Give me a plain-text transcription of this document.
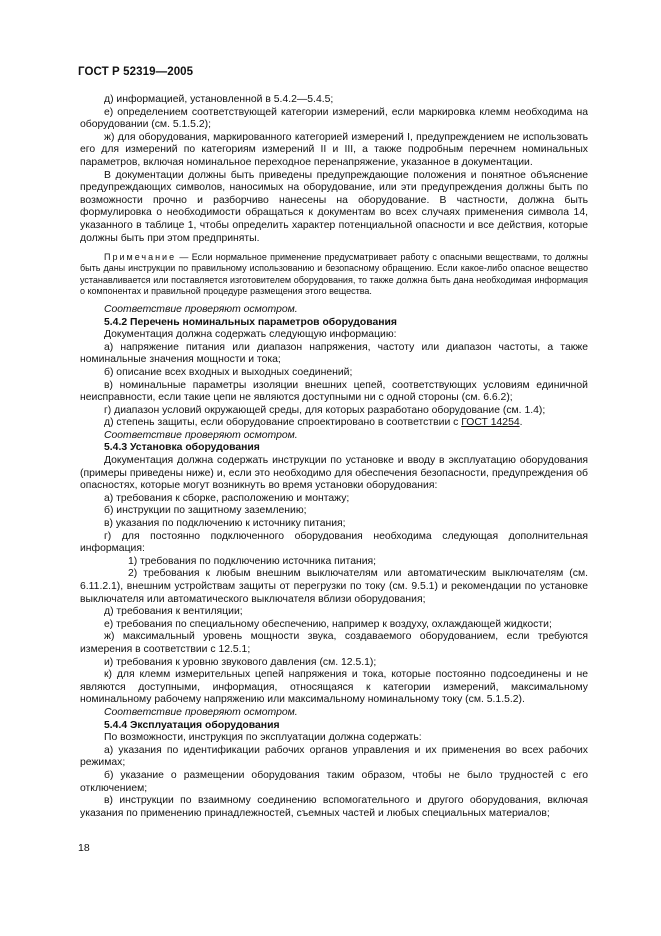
ГОСТ Р 52319—2005

д) информацией, установленной в 5.4.2—5.4.5;

е) определением соответствующей категории измерений, если маркировка клемм необходима на оборудовании (см. 5.1.5.2);

ж) для оборудования, маркированного категорией измерений I, предупреждением не использовать его для измерений по категориям измерений II и III, а также подробным перечнем номинальных параметров, включая номинальное переходное перенапряжение, указанное в документации.

В документации должны быть приведены предупреждающие положения и понятное объяснение предупреждающих символов, наносимых на оборудование, или эти предупреждения должны быть по возможности прочно и разборчиво нанесены на оборудование. В частности, должна быть формулировка о необходимости обращаться к документам во всех случаях применения символа 14, указанного в таблице 1, чтобы определить характер потенциальной опасности и все действия, которые должны быть при этом предприняты.

Примечание — Если нормальное применение предусматривает работу с опасными веществами, то должны быть даны инструкции по правильному использованию и безопасному обращению. Если какое-либо опасное вещество устанавливается или поставляется изготовителем оборудования, то также должна быть дана необходимая информация о компонентах и правильной процедуре размещения этого вещества.

Соответствие проверяют осмотром.

5.4.2 Перечень номинальных параметров оборудования

Документация должна содержать следующую информацию:

а) напряжение питания или диапазон напряжения, частоту или диапазон частоты, а также номинальные значения мощности и тока;

б) описание всех входных и выходных соединений;

в) номинальные параметры изоляции внешних цепей, соответствующих условиям единичной неисправности, если такие цепи не являются доступными ни с одной стороны (см. 6.6.2);

г) диапазон условий окружающей среды, для которых разработано оборудование (см. 1.4);

д) степень защиты, если оборудование спроектировано в соответствии с ГОСТ 14254.

Соответствие проверяют осмотром.

5.4.3 Установка оборудования

Документация должна содержать инструкции по установке и вводу в эксплуатацию оборудования (примеры приведены ниже) и, если это необходимо для обеспечения безопасности, предупреждения об опасностях, которые могут возникнуть во время установки оборудования:

а) требования к сборке, расположению и монтажу;

б) инструкции по защитному заземлению;

в) указания по подключению к источнику питания;

г) для постоянно подключенного оборудования необходима следующая дополнительная информация:

1) требования по подключению источника питания;

2) требования к любым внешним выключателям или автоматическим выключателям (см. 6.11.2.1), внешним устройствам защиты от перегрузки по току (см. 9.5.1) и рекомендации по установке выключателя или автоматического выключателя вблизи оборудования;

д) требования к вентиляции;

е) требования по специальному обеспечению, например к воздуху, охлаждающей жидкости;

ж) максимальный уровень мощности звука, создаваемого оборудованием, если требуются измерения в соответствии с 12.5.1;

и) требования к уровню звукового давления (см. 12.5.1);

к) для клемм измерительных цепей напряжения и тока, которые постоянно подсоединены и не являются доступными, информация, относящаяся к категории измерений, максимальному номинальному рабочему напряжению или максимальному номинальному току (см. 5.1.5.2).

Соответствие проверяют осмотром.

5.4.4 Эксплуатация оборудования

По возможности, инструкция по эксплуатации должна содержать:

а) указания по идентификации рабочих органов управления и их применения во всех рабочих режимах;

б) указание о размещении оборудования таким образом, чтобы не было трудностей с его отключением;

в) инструкции по взаимному соединению вспомогательного и другого оборудования, включая указания по применению принадлежностей, съемных частей и любых специальных материалов;

18
